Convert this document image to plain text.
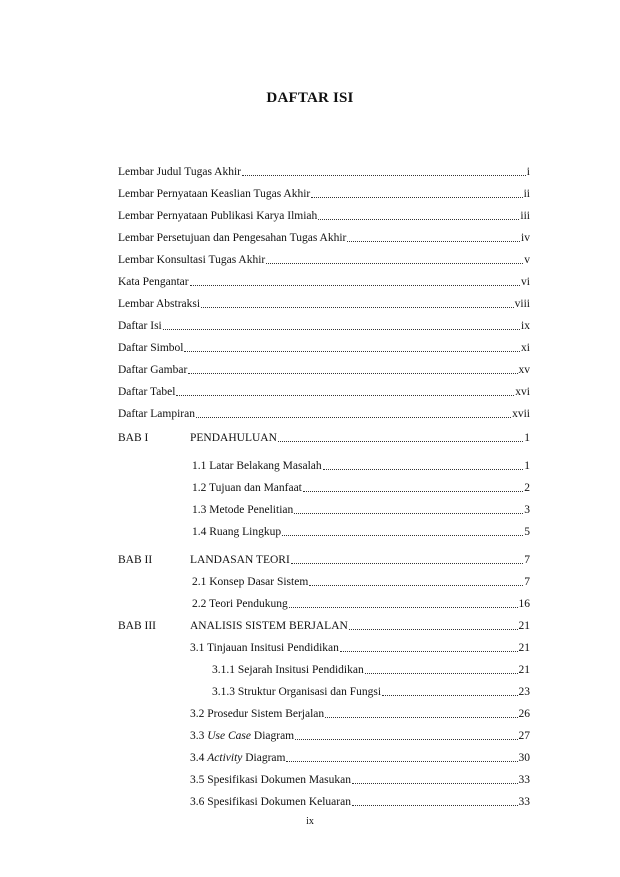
DAFTAR ISI
Lembar Judul Tugas Akhir	i
Lembar Pernyataan Keaslian Tugas Akhir	ii
Lembar Pernyataan Publikasi Karya Ilmiah	iii
Lembar Persetujuan dan Pengesahan Tugas Akhir	iv
Lembar Konsultasi Tugas Akhir	v
Kata Pengantar	vi
Lembar Abstraksi	viii
Daftar Isi	ix
Daftar Simbol	xi
Daftar Gambar	xv
Daftar Tabel	xvi
Daftar Lampiran	xvii
BAB I	PENDAHULUAN	1
1.1 Latar Belakang Masalah	1
1.2 Tujuan dan Manfaat	2
1.3 Metode Penelitian	3
1.4 Ruang Lingkup	5
BAB II	LANDASAN TEORI	7
2.1 Konsep Dasar Sistem	7
2.2 Teori Pendukung	16
BAB III	ANALISIS SISTEM BERJALAN	21
3.1 Tinjauan Insitusi Pendidikan	21
3.1.1 Sejarah Insitusi Pendidikan	21
3.1.3 Struktur Organisasi dan Fungsi	23
3.2 Prosedur Sistem Berjalan	26
3.3 Use Case Diagram	27
3.4 Activity Diagram	30
3.5 Spesifikasi Dokumen Masukan	33
3.6 Spesifikasi Dokumen Keluaran	33
ix
